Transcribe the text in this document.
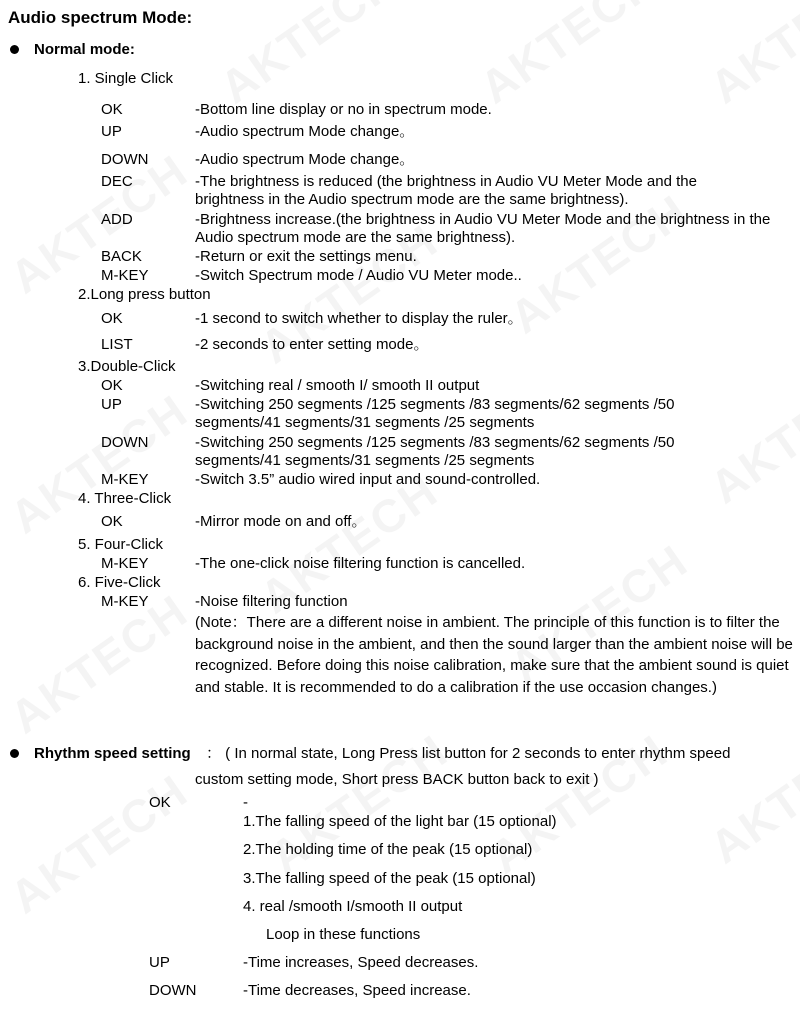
Audio spectrum Mode:
Normal mode:
1. Single Click
OK	-Bottom line display or no in spectrum mode.
UP	-Audio spectrum Mode change。
DOWN	-Audio spectrum Mode change。
DEC	-The brightness is reduced (the brightness in Audio VU Meter Mode and the brightness in the Audio spectrum mode are the same brightness).
ADD	-Brightness increase.(the brightness in Audio VU Meter Mode and the brightness in the Audio spectrum mode are the same brightness).
BACK	-Return or exit the settings menu.
M-KEY	-Switch Spectrum mode / Audio VU Meter mode..
2.Long press button
OK	-1 second to switch whether to display the ruler。
LIST	-2 seconds to enter setting mode。
3.Double-Click
OK	-Switching real / smooth I/ smooth II output
UP	-Switching 250 segments /125 segments /83 segments/62 segments /50 segments/41 segments/31 segments /25 segments
DOWN	-Switching 250 segments /125 segments /83 segments/62 segments /50 segments/41 segments/31 segments /25 segments
M-KEY	-Switch 3.5” audio wired input and sound-controlled.
4. Three-Click
OK	-Mirror mode on and off。
5. Four-Click
M-KEY	-The one-click noise filtering function is cancelled.
6. Five-Click
M-KEY	-Noise filtering function
(Note：There are a different noise in ambient. The principle of this function is to filter the background noise in the ambient, and then the sound larger than the ambient noise will be recognized. Before doing this noise calibration, make sure that the ambient sound is quiet and stable. It is recommended to do a calibration if the use occasion changes.)
Rhythm speed setting ： ( In normal state, Long Press list button for 2 seconds to enter rhythm speed
custom setting mode, Short press BACK button back to exit )
OK	-
1.The falling speed of the light bar (15 optional)
2.The holding time of the peak (15 optional)
3.The falling speed of the peak (15 optional)
4. real /smooth I/smooth II output
Loop in these functions
UP	-Time increases, Speed decreases.
DOWN	-Time decreases, Speed increase.
